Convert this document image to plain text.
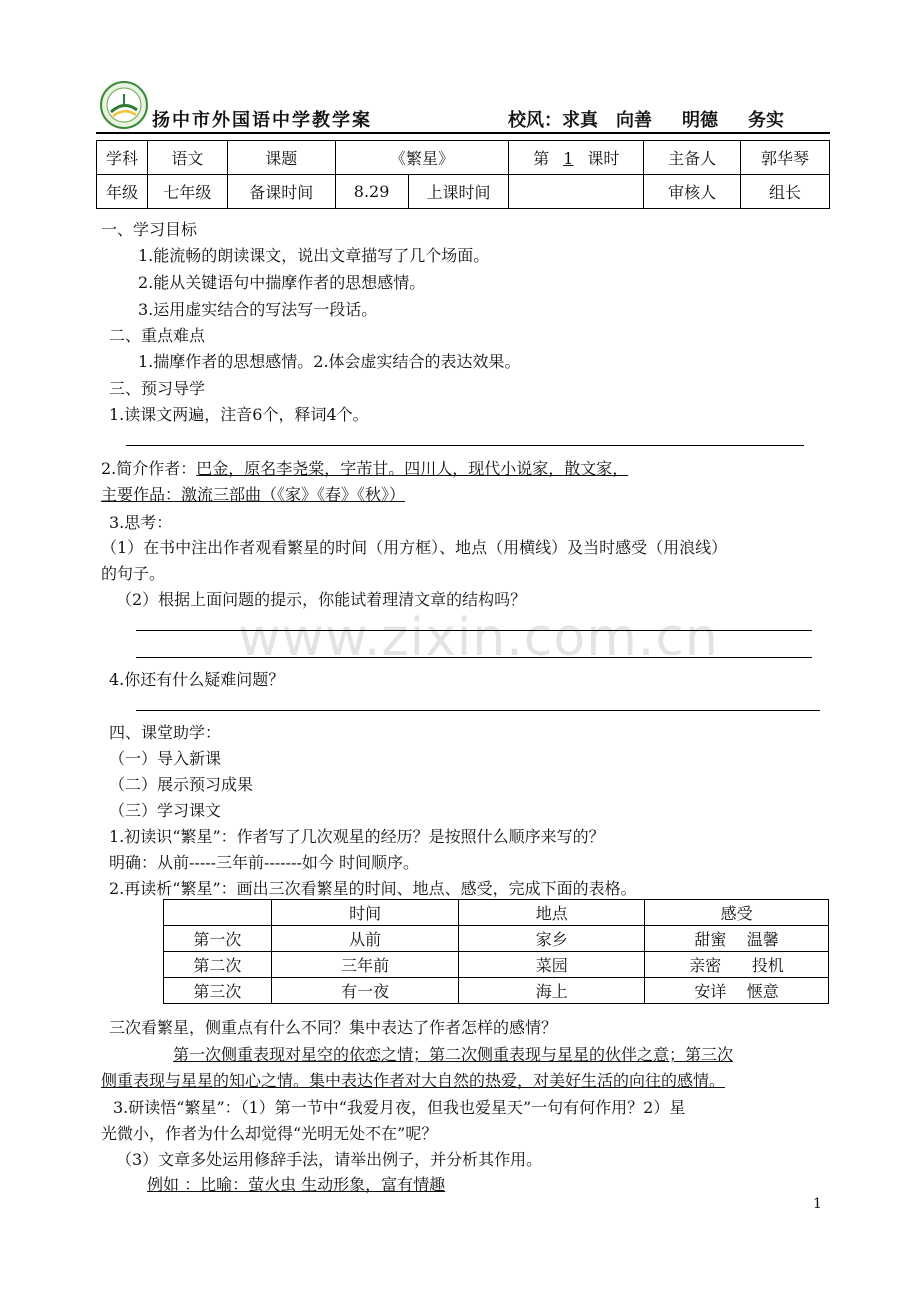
扬中市外国语中学教学案	校风：求真 向善 明德 务实
学科	语文	课题	《繁星》		第 1 课时	主备人	郭华琴
年级	七年级	备课时间	8.29	上课时间		审核人	组长
一、学习目标
1.能流畅的朗读课文，说出文章描写了几个场面。
2.能从关键语句中揣摩作者的思想感情。
3.运用虚实结合的写法写一段话。
二、重点难点
1.揣摩作者的思想感情。2.体会虚实结合的表达效果。
三、预习导学
1.读课文两遍，注音6个，释词4个。
2.简介作者：巴金，原名李尧棠，字芾甘。四川人，现代小说家，散文家，
主要作品：激流三部曲（《家》《春》《秋》）
3.思考：
（1）在书中注出作者观看繁星的时间（用方框）、地点（用横线）及当时感受（用浪线）
的句子。
（2）根据上面问题的提示，你能试着理清文章的结构吗？
4.你还有什么疑难问题？
四、课堂助学：
（一）导入新课
（二）展示预习成果
（三）学习课文
1.初读识“繁星”：作者写了几次观星的经历？是按照什么顺序来写的？
明确：从前-----三年前-------如今 时间顺序。
2.再读析“繁星”：画出三次看繁星的时间、地点、感受，完成下面的表格。
	时间	地点	感受
第一次	从前	家乡	甜蜜    温馨
第二次	三年前	菜园	亲密      投机
第三次	有一夜	海上	安详    惬意
三次看繁星，侧重点有什么不同？集中表达了作者怎样的感情？
第一次侧重表现对星空的依恋之情；第二次侧重表现与星星的伙伴之意；第三次
侧重表现与星星的知心之情。集中表达作者对大自然的热爱，对美好生活的向往的感情。
3.研读悟“繁星”：（1）第一节中“我爱月夜，但我也爱星天”一句有何作用？2）星
光微小，作者为什么却觉得“光明无处不在”呢？
（3）文章多处运用修辞手法，请举出例子，并分析其作用。
例如 ：比喻：萤火虫 生动形象，富有情趣
www.zixin.com.cn
1
